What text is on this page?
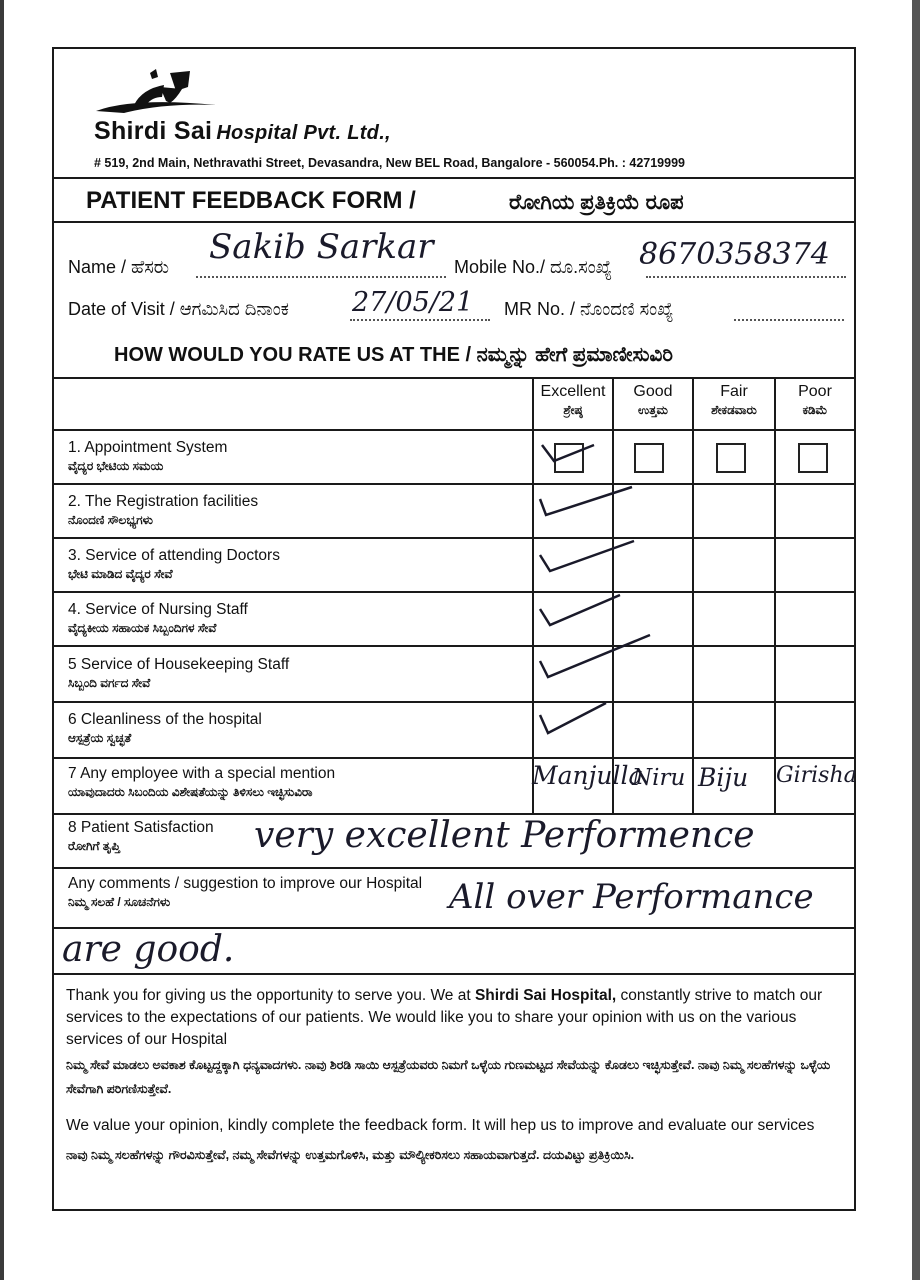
Shirdi Sai Hospital Pvt. Ltd.,
# 519, 2nd Main, Nethravathi Street, Devasandra, New BEL Road, Bangalore - 560054.Ph. : 42719999
PATIENT FEEDBACK FORM /	ರೋಗಿಯ ಪ್ರತಿಕ್ರಿಯೆ ರೂಪ
Name / ಹೆಸರು Sakib Sarkar Mobile No./ ದೂ.ಸಂಖ್ಯೆ 8670358374
Date of Visit / ಆಗಮಿಸಿದ ದಿನಾಂಕ 27/05/21 MR No. / ನೊಂದಣಿ ಸಂಖ್ಯೆ
HOW WOULD YOU RATE US AT THE / ನಮ್ಮನ್ನು ಹೇಗೆ ಪ್ರಮಾಣೀಸುವಿರಿ
Excellent
ಶ್ರೇಷ್ಠ
Good
ಉತ್ತಮ
Fair
ಶೇಕಡವಾರು
Poor
ಕಡಿಮೆ
1. Appointment System
ವೈದ್ಯರ ಭೇಟಿಯ ಸಮಯ
2. The Registration facilities
ನೊಂದಣಿ ಸೌಲಭ್ಯಗಳು
3. Service of attending Doctors
ಭೇಟಿ ಮಾಡಿದ ವೈದ್ಯರ ಸೇವೆ
4. Service of Nursing Staff
ವೈದ್ಯಕೀಯ ಸಹಾಯಕ ಸಿಬ್ಬಂದಿಗಳ ಸೇವೆ
5 Service of Housekeeping Staff
ಸಿಬ್ಬಂದಿ ವರ್ಗದ ಸೇವೆ
6 Cleanliness of the hospital
ಆಸ್ಪತ್ರೆಯ ಸ್ವಚ್ಛತೆ
7 Any employee with a special mention
ಯಾವುದಾದರು ಸಿಬಂದಿಯ ವಿಶೇಷತೆಯನ್ನು ತಿಳಿಸಲು ಇಚ್ಛಿಸುವಿರಾ
8 Patient Satisfaction
ರೋಗಿಗೆ ತೃಪ್ತಿ
Any comments / suggestion to improve our Hospital
ನಿಮ್ಮ ಸಲಹೆ / ಸೂಚನೆಗಳು
Manjulla
Niru Biju Girisha
very excellent Performence
All over Performance
are good.
Thank you for giving us the opportunity to serve you. We at Shirdi Sai Hospital, constantly strive to match our services to the expectations of our patients. We would like you to share your opinion with us on the various services of our Hospital
ನಿಮ್ಮ ಸೇವೆ ಮಾಡಲು ಅವಕಾಶ ಕೊಟ್ಟದ್ದಕ್ಕಾಗಿ ಧನ್ಯವಾದಗಳು. ನಾವು ಶಿರಡಿ ಸಾಯಿ ಆಸ್ಪತ್ರೆಯವರು ನಿಮಗೆ ಒಳ್ಳೆಯ ಗುಣಮಟ್ಟದ ಸೇವೆಯನ್ನು ಕೊಡಲು ಇಚ್ಛಿಸುತ್ತೇವೆ. ನಾವು ನಿಮ್ಮ ಸಲಹೆಗಳನ್ನು ಒಳ್ಳೆಯ ಸೇವೆಗಾಗಿ ಪರಿಗಣಿಸುತ್ತೇವೆ.
We value your opinion, kindly complete the feedback form. It will hep us to improve and evaluate our services
ನಾವು ನಿಮ್ಮ ಸಲಹೆಗಳನ್ನು ಗೌರವಿಸುತ್ತೇವೆ, ನಮ್ಮ ಸೇವೆಗಳನ್ನು ಉತ್ತಮಗೊಳಿಸಿ, ಮತ್ತು ಮೌಲ್ಯೀಕರಿಸಲು ಸಹಾಯವಾಗುತ್ತದೆ. ದಯವಿಟ್ಟು ಪ್ರತಿಕ್ರಿಯಿಸಿ.
